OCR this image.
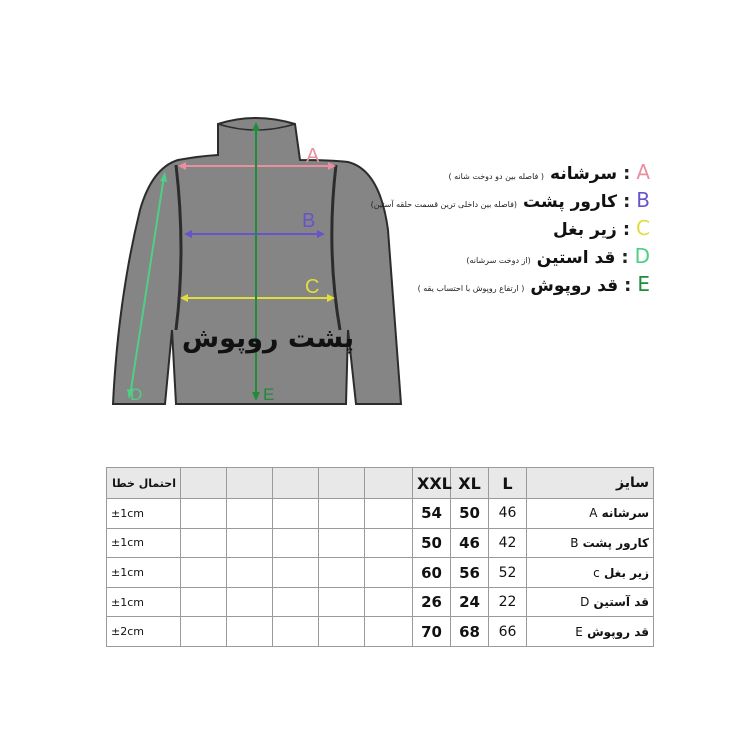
A
B
C
D	E
پشت روپوش
A
:
سرشانه
( فاصله بین دو دوخت شانه )
B
:
کارور پشت
(فاصله بین داخلی ترین قسمت حلقه آستین)
C
:
زیر بغل
D
:
قد استین
(از دوخت سرشانه)
E
:
قد روپوش
( ارتفاع روپوش با احتساب یقه )
احتمال خطا						XXL	XL	L	سایز
±1cm						54	50	46	سرشانه A
±1cm						50	46	42	کارور پشت B
±1cm						60	56	52	زیر بغل c
±1cm						26	24	22	قد آستین D
±2cm						70	68	66	قد روپوش E
